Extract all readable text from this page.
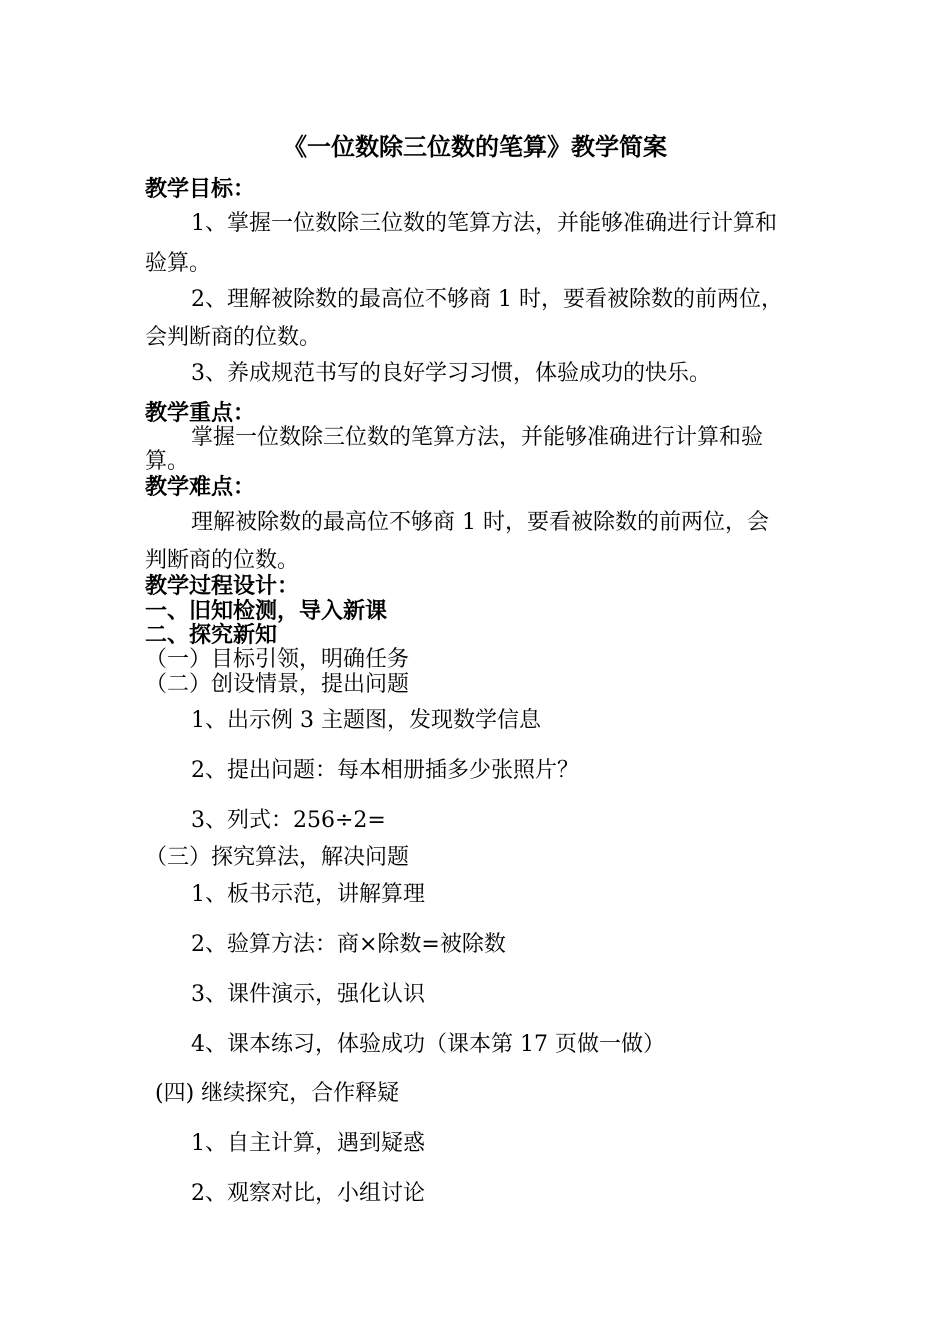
《一位数除三位数的笔算》教学简案
教学目标：
1、掌握一位数除三位数的笔算方法，并能够准确进行计算和
验算。
2、理解被除数的最高位不够商 1 时，要看被除数的前两位，
会判断商的位数。
3、养成规范书写的良好学习习惯，体验成功的快乐。
教学重点：
掌握一位数除三位数的笔算方法，并能够准确进行计算和验
算。
教学难点：
理解被除数的最高位不够商 1 时，要看被除数的前两位，会
判断商的位数。
教学过程设计：
一、旧知检测，导入新课
二、探究新知
（一）目标引领，明确任务
（二）创设情景，提出问题
1、出示例 3 主题图，发现数学信息
2、提出问题：每本相册插多少张照片？
3、列式：256÷2=
（三）探究算法，解决问题
1、板书示范，讲解算理
2、验算方法：商×除数=被除数
3、课件演示，强化认识
4、课本练习，体验成功（课本第 17 页做一做）
(四) 继续探究，合作释疑
1、自主计算，遇到疑惑
2、观察对比，小组讨论
